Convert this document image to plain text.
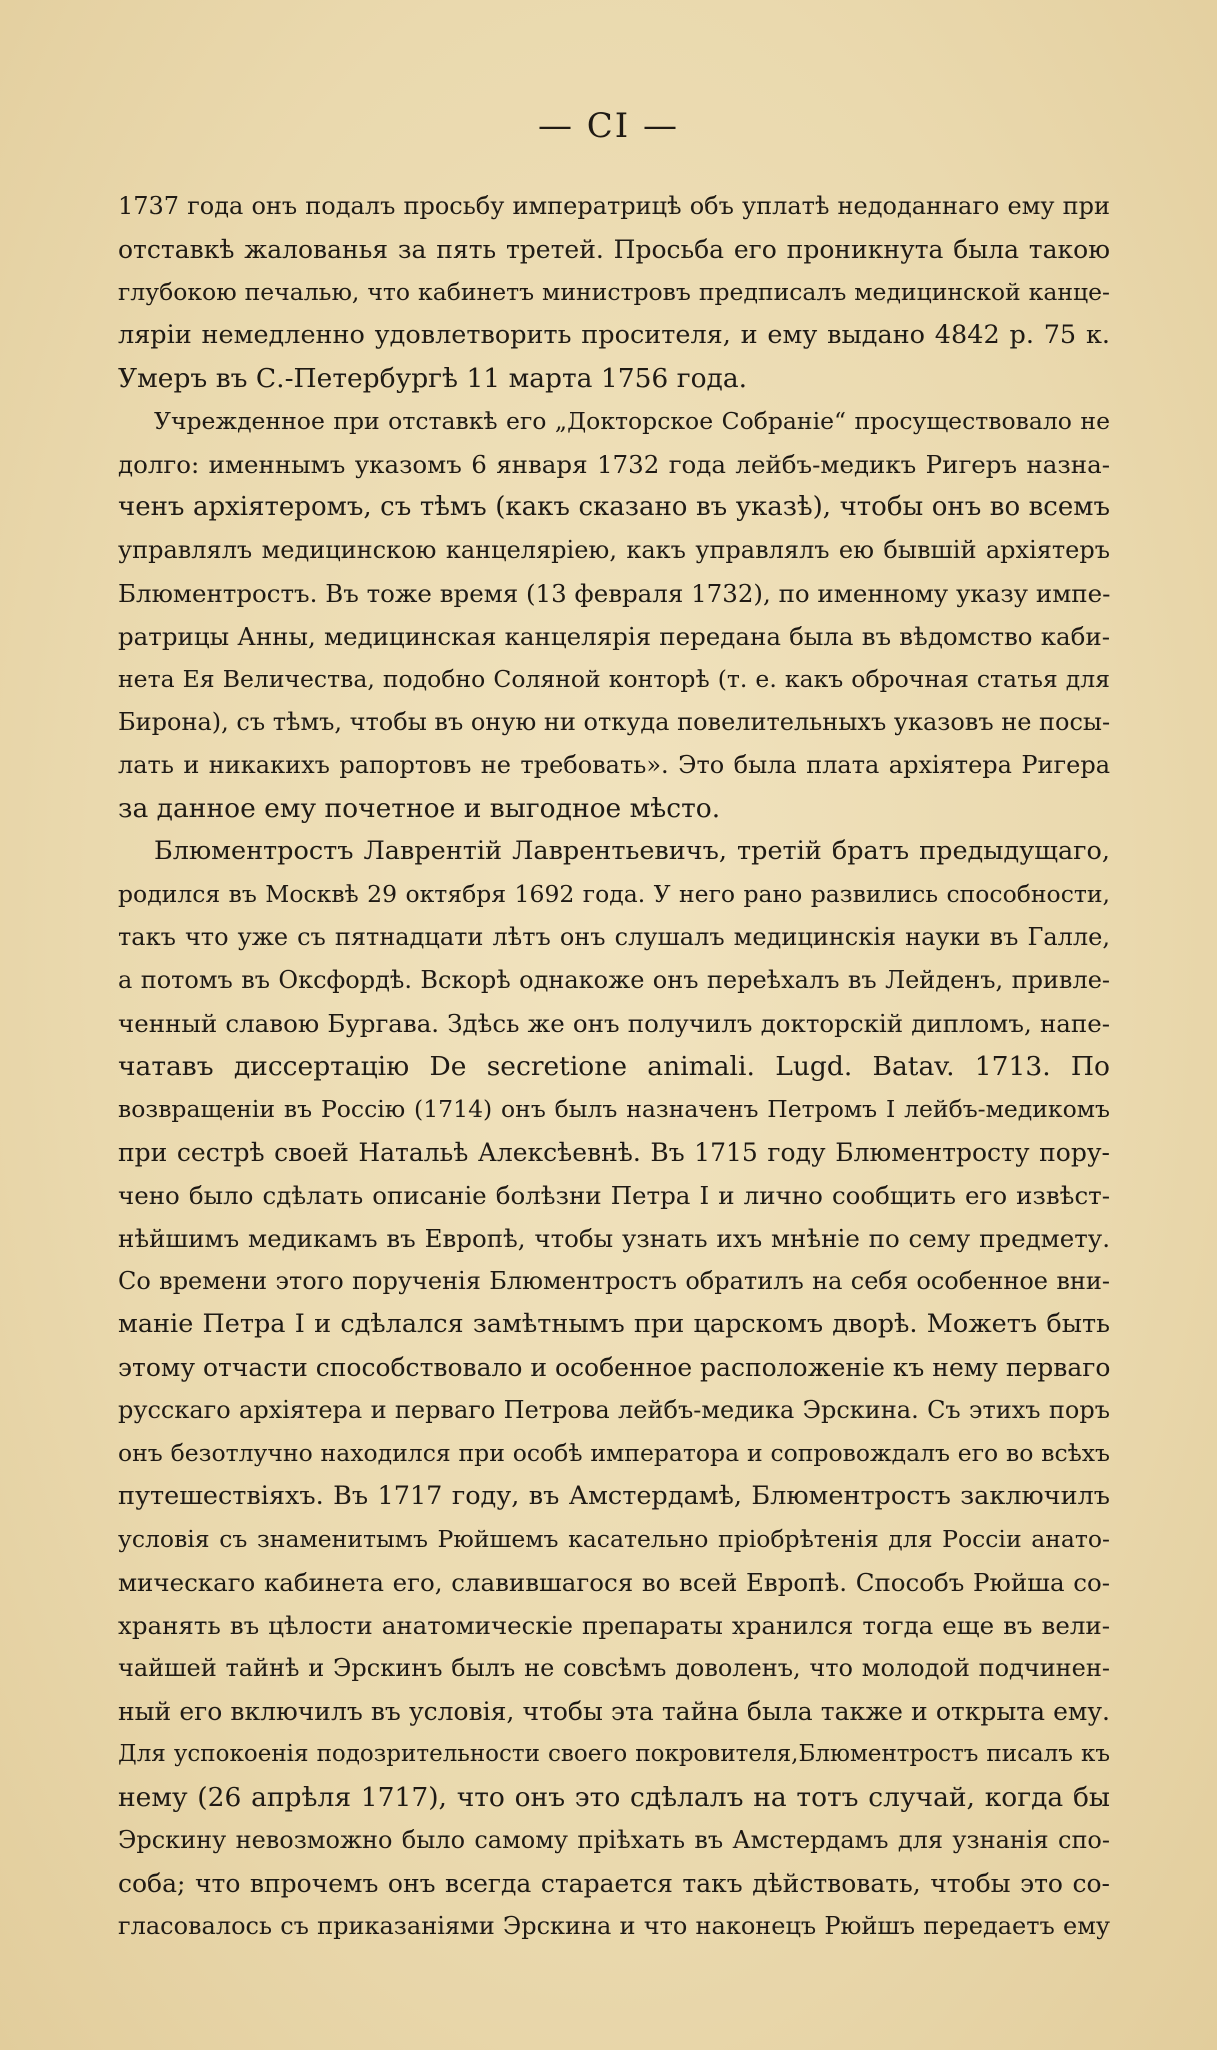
— CI —
1737 года онъ подалъ просьбу императрицѣ объ уплатѣ недоданнаго ему при
отставкѣ жалованья за пять третей. Просьба его проникнута была такою
глубокою печалью, что кабинетъ министровъ предписалъ медицинской канце-
ляріи немедленно удовлетворить просителя, и ему выдано 4842 р. 75 к.
Умеръ въ С.-Петербургѣ 11 марта 1756 года.
Учрежденное при отставкѣ его „Докторское Собраніе“ просуществовало не
долго: именнымъ указомъ 6 января 1732 года лейбъ-медикъ Ригеръ назна-
ченъ архіятеромъ, съ тѣмъ (какъ сказано въ указѣ), чтобы онъ во всемъ
управлялъ медицинскою канцеляріею, какъ управлялъ ею бывшій архіятеръ
Блюментростъ. Въ тоже время (13 февраля 1732), по именному указу импе-
ратрицы Анны, медицинская канцелярія передана была въ вѣдомство каби-
нета Ея Величества, подобно Соляной конторѣ (т. е. какъ оброчная статья для
Бирона), съ тѣмъ, чтобы въ оную ни откуда повелительныхъ указовъ не посы-
лать и никакихъ рапортовъ не требовать». Это была плата архіятера Ригера
за данное ему почетное и выгодное мѣсто.
Блюментростъ Лаврентій Лаврентьевичъ, третій братъ предыдущаго,
родился въ Москвѣ 29 октября 1692 года. У него рано развились способности,
такъ что уже съ пятнадцати лѣтъ онъ слушалъ медицинскія науки въ Галле,
а потомъ въ Оксфордѣ. Вскорѣ однакоже онъ переѣхалъ въ Лейденъ, привле-
ченный славою Бургава. Здѣсь же онъ получилъ докторскій дипломъ, напе-
чатавъ диссертацію De secretione animali. Lugd. Batav. 1713. По
возвращеніи въ Россію (1714) онъ былъ назначенъ Петромъ I лейбъ-медикомъ
при сестрѣ своей Натальѣ Алексѣевнѣ. Въ 1715 году Блюментросту пору-
чено было сдѣлать описаніе болѣзни Петра I и лично сообщить его извѣст-
нѣйшимъ медикамъ въ Европѣ, чтобы узнать ихъ мнѣніе по сему предмету.
Со времени этого порученія Блюментростъ обратилъ на себя особенное вни-
маніе Петра I и сдѣлался замѣтнымъ при царскомъ дворѣ. Можетъ быть
этому отчасти способствовало и особенное расположеніе къ нему перваго
русскаго архіятера и перваго Петрова лейбъ-медика Эрскина. Съ этихъ поръ
онъ безотлучно находился при особѣ императора и сопровождалъ его во всѣхъ
путешествіяхъ. Въ 1717 году, въ Амстердамѣ, Блюментростъ заключилъ
условія съ знаменитымъ Рюйшемъ касательно пріобрѣтенія для Россіи анато-
мическаго кабинета его, славившагося во всей Европѣ. Способъ Рюйша со-
хранять въ цѣлости анатомическіе препараты хранился тогда еще въ вели-
чайшей тайнѣ и Эрскинъ былъ не совсѣмъ доволенъ, что молодой подчинен-
ный его включилъ въ условія, чтобы эта тайна была также и открыта ему.
Для успокоенія подозрительности своего покровителя,Блюментростъ писалъ къ
нему (26 апрѣля 1717), что онъ это сдѣлалъ на тотъ случай, когда бы
Эрскину невозможно было самому пріѣхать въ Амстердамъ для узнанія спо-
соба; что впрочемъ онъ всегда старается такъ дѣйствовать, чтобы это со-
гласовалось съ приказаніями Эрскина и что наконецъ Рюйшъ передаетъ ему
